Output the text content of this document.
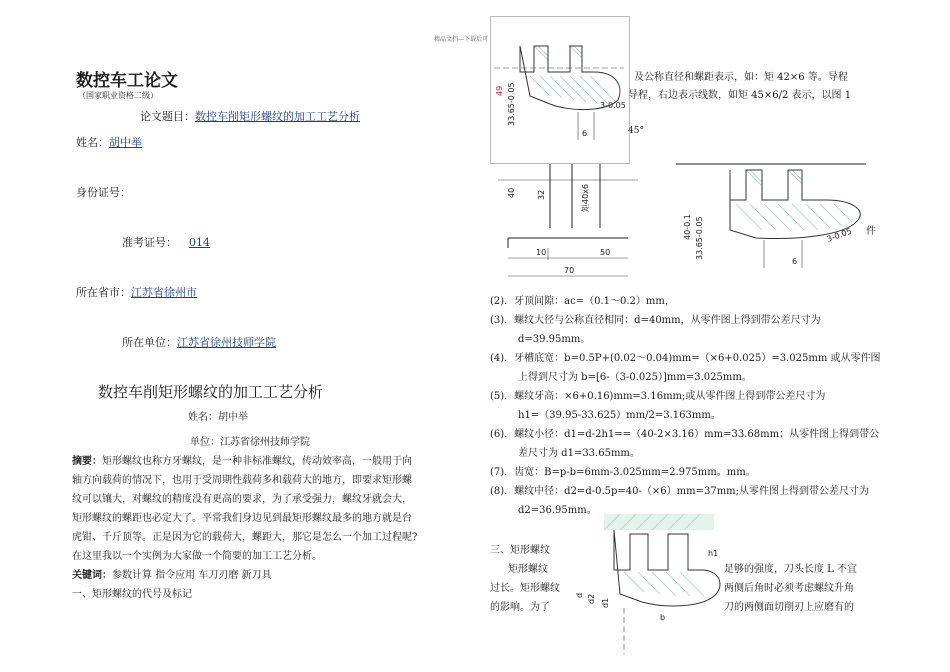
精品文档---下载后可
数控车工论文
（国家职业资格二级）
论文题目：数控车削矩形螺纹的加工工艺分析
姓名：胡中举
身份证号：
准考证号： 014
所在省市：江苏省徐州市
所在单位：江苏省徐州技师学院
数控车削矩形螺纹的加工工艺分析
姓名：胡中举
单位：江苏省徐州技师学院
摘要：矩形螺纹也称方牙螺纹，是一种非标准螺纹，传动效率高，一般用于向
轴方向载荷的情况下，也用于受周期性载荷多和载荷大的地方，即要求矩形螺
纹可以镶大，对螺纹的精度没有更高的要求，为了承受强力，螺纹牙就会大，
矩形螺纹的螺距也必定大了。平常我们身边见到最矩形螺纹最多的地方就是台
虎钳、千斤顶等。正是因为它的载荷大，螺距大，那它是怎么一个加工过程呢?
在这里我以一个实例为大家做一个简要的加工工艺分析。
关键词：参数计算 指令应用 车刀刃磨 新刀具
一、矩形螺纹的代号及标记
40	32	矩40x6
10	50
70
49 33.65-0.05	3-0.05
6	45°
及公称直径和螺距表示，如：矩 42×6 等。导程
导程，右边表示线数，如矩 45×6/2 表示，以图 1
40-0.1 33.65-0.05	3-0.05
6
件
(2)．牙顶间隙：ac=（0.1～0.2）mm，
(3)．螺纹大径与公称直径相同：d=40mm，从零件图上得到带公差尺寸为
d=39.95mm。
(4)．牙槽底宽：b=0.5P+(0.02～0.04)mm=（×6+0.025）=3.025mm 或从零件图
上得到尺寸为 b=[6-（3-0.025）]mm=3.025mm。
(5)．螺纹牙高：×6+0.16)mm=3.16mm;或从零件图上得到带公差尺寸为
h1=（39.95-33.625）mm/2=3.163mm。
(6)．螺纹小径：d1=d-2h1==（40-2×3.16）mm=33.68mm；从零件图上得到带公
差尺寸为 d1=33.65mm。
(7)．齿宽：B=p-b=6mm-3.025mm=2.975mm。mm。
(8)．螺纹中径：d2=d-0.5p=40-（×6）mm=37mm;从零件图上得到带公差尺寸为
d2=36.95mm。
三、矩形螺纹
矩形螺纹
过长。矩形螺纹
的影响。为了
足够的强度，刀头长度 L 不宜
两侧后角时必须考虑螺纹升角
刀的两侧面切削刃上应磨有的
h1
d d2 d1
b
